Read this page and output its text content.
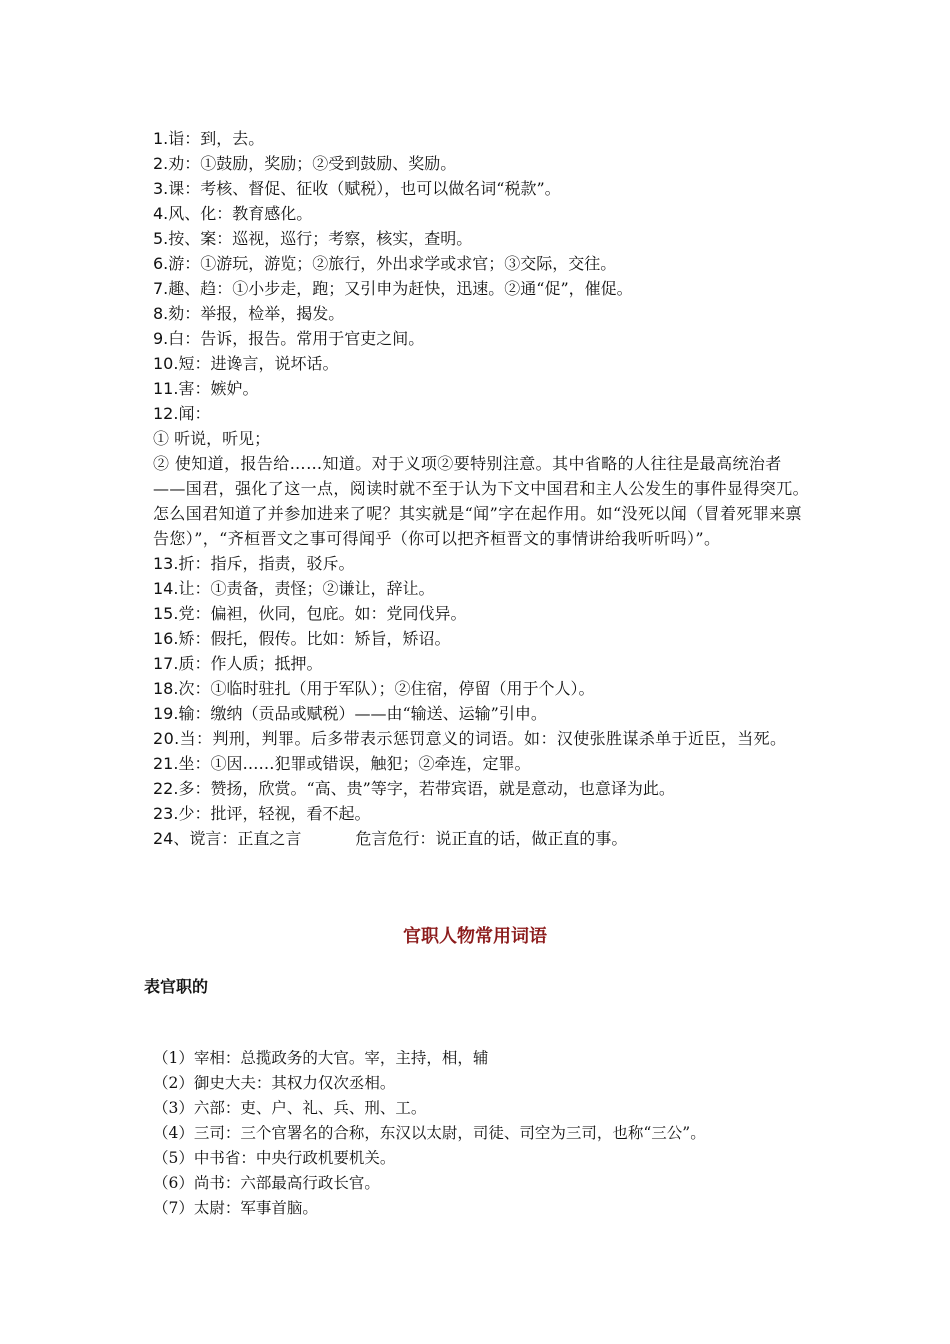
1.诣：到，去。
2.劝：①鼓励，奖励；②受到鼓励、奖励。
3.课：考核、督促、征收（赋税），也可以做名词“税款”。
4.风、化：教育感化。
5.按、案：巡视，巡行；考察，核实，查明。
6.游：①游玩，游览；②旅行，外出求学或求官；③交际，交往。
7.趣、趋：①小步走，跑；又引申为赶快，迅速。②通“促”，催促。
8.劾：举报，检举，揭发。
9.白：告诉，报告。常用于官吏之间。
10.短：进谗言，说坏话。
11.害：嫉妒。
12.闻：
① 听说，听见；
② 使知道，报告给……知道。对于义项②要特别注意。其中省略的人往往是最高统治者——国君，强化了这一点，阅读时就不至于认为下文中国君和主人公发生的事件显得突兀。怎么国君知道了并参加进来了呢？其实就是“闻”字在起作用。如“没死以闻（冒着死罪来禀告您）”，“齐桓晋文之事可得闻乎（你可以把齐桓晋文的事情讲给我听听吗）”。
13.折：指斥，指责，驳斥。
14.让：①责备，责怪；②谦让，辞让。
15.党：偏袒，伙同，包庇。如：党同伐异。
16.矫：假托，假传。比如：矫旨，矫诏。
17.质：作人质；抵押。
18.次：①临时驻扎（用于军队）；②住宿，停留（用于个人）。
19.输：缴纳（贡品或赋税）——由“输送、运输”引申。
20.当：判刑，判罪。后多带表示惩罚意义的词语。如：汉使张胜谋杀单于近臣，当死。
21.坐：①因……犯罪或错误，触犯；②牵连，定罪。
22.多：赞扬，欣赏。“高、贵”等字，若带宾语，就是意动，也意译为此。
23.少：批评，轻视，看不起。
24、谠言：正直之言	危言危行：说正直的话，做正直的事。
官职人物常用词语
表官职的
（1）宰相：总揽政务的大官。宰，主持，相，辅
（2）御史大夫：其权力仅次丞相。
（3）六部：吏、户、礼、兵、刑、工。
（4）三司：三个官署名的合称，东汉以太尉，司徒、司空为三司，也称“三公”。
（5）中书省：中央行政机要机关。
（6）尚书：六部最高行政长官。
（7）太尉：军事首脑。
